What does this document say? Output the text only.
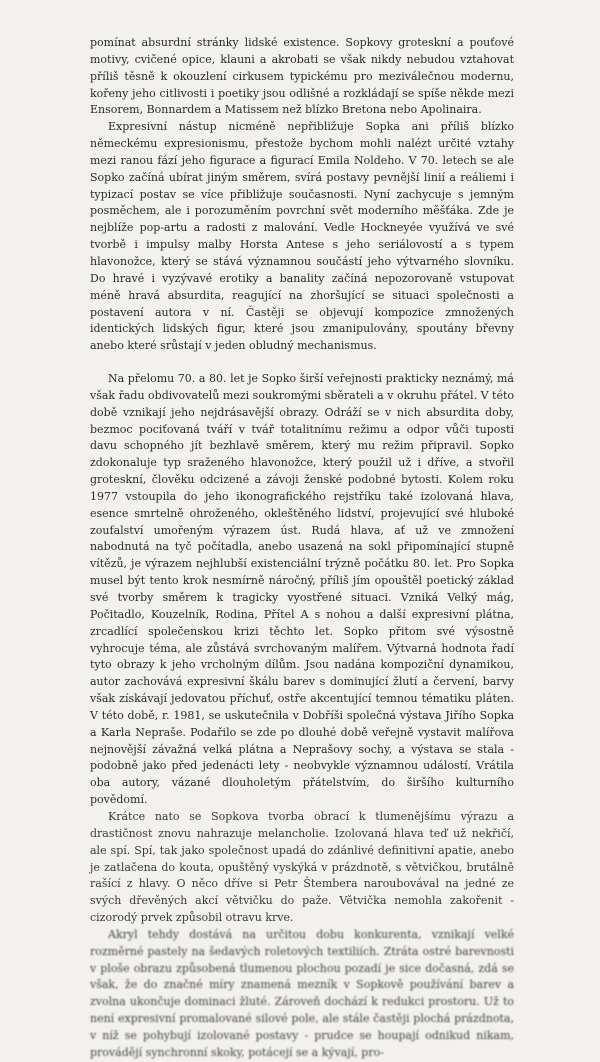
pomínat absurdní stránky lidské existence. Sopkovy groteskní a pouťové motivy, cvičené opice, klauni a akrobati se však nikdy nebudou vztahovat příliš těsně k okouzlení cirkusem typickému pro meziválečnou modernu, kořeny jeho citlivosti i poetiky jsou odlišné a rozkládají se spíše někde mezi Ensorem, Bonnardem a Matissem než blízko Bretona nebo Apolinaira.

Expresivní nástup nicméně nepřibližuje Sopka ani příliš blízko německému expresionismu, přestože bychom mohli nalézt určité vztahy mezi ranou fází jeho figurace a figurací Emila Noldeho. V 70. letech se ale Sopko začíná ubírat jiným směrem, svírá postavy pevnější linií a reáliemi i typizací postav se více přibližuje současnosti. Nyní zachycuje s jemným posměchem, ale i porozuměním povrchní svět moderního měšťáka. Zde je nejblíže pop-artu a radosti z malování. Vedle Hockneyée využívá ve své tvorbě i impulsy malby Horsta Antese s jeho seriálovostí a s typem hlavonožce, který se stává významnou součástí jeho výtvarného slovníku. Do hravé i vyzývavé erotiky a banality začíná nepozorovaně vstupovat méně hravá absurdita, reagující na zhoršující se situaci společnosti a postavení autora v ní. Častěji se objevují kompozice zmnožených identických lidských figur, které jsou zmanipulovány, spoutány břevny anebo které srůstají v jeden obludný mechanismus.

Na přelomu 70. a 80. let je Sopko širší veřejnosti prakticky neznámý, má však řadu obdivovatelů mezi soukromými sběrateli a v okruhu přátel. V této době vznikají jeho nejdrásavější obrazy. Odráží se v nich absurdita doby, bezmoc pociťovaná tváří v tvář totalitnímu režimu a odpor vůči tuposti davu schopného jít bezhlavě směrem, který mu režim připravil. Sopko zdokonaluje typ sraženého hlavonožce, který použil už i dříve, a stvořil groteskní, člověku odcizené a závoji ženské podobné bytosti. Kolem roku 1977 vstoupila do jeho ikonografického rejstříku také izolovaná hlava, esence smrtelně ohroženého, okleštěného lidství, projevující své hluboké zoufalství umořeným výrazem úst. Rudá hlava, ať už ve zmnožení nabodnutá na tyč počítadla, anebo usazená na sokl připomínající stupně vítězů, je výrazem nejhlubší existenciální trýzně počátku 80. let. Pro Sopka musel být tento krok nesmírně náročný, příliš jím opouštěl poetický základ své tvorby směrem k tragicky vyostřené situaci. Vzniká Velký mág, Počitadlo, Kouzelník, Rodina, Přítel A s nohou a další expresivní plátna, zrcadlící společenskou krizi těchto let. Sopko přitom své výsostně vyhrocuje téma, ale zůstává svrchovaným malířem. Výtvarná hodnota řadí tyto obrazy k jeho vrcholným dílům. Jsou nadána kompoziční dynamikou, autor zachovává expresivní škálu barev s dominující žlutí a červení, barvy však získávají jedovatou příchuť, ostře akcentující temnou tématiku pláten. V této době, r. 1981, se uskutečnila v Dobříši společná výstava Jiřího Sopka a Karla Nepraše. Podařilo se zde po dlouhé době veřejně vystavit malířova nejnovější závažná velká plátna a Neprašovy sochy, a výstava se stala - podobně jako před jedenácti lety - neobvykle významnou událostí. Vrátila oba autory, vázané dlouholetým přátelstvím, do širšího kulturního povědomí.

Krátce nato se Sopkova tvorba obrací k tlumenějšímu výrazu a drastičnost znovu nahrazuje melancholie. Izolovaná hlava teď už nekřičí, ale spí. Spí, tak jako společnost upadá do zdánlivé definitivní apatie, anebo je zatlačena do kouta, opuštěný vyskýká v prázdnotě, s větvičkou, brutálně rašící z hlavy. O něco dříve si Petr Štembera naroubovával na jedné ze svých dřevěných akcí větvičku do paže. Větvička nemohla zakořenit - cizorodý prvek způsobil otravu krve.

Akryl tehdy dostává na určitou dobu konkurenta, vznikají velké rozměrné pastely na šedavých roletových textiliích. Ztráta ostré barevnosti v ploše obrazu způsobená tlumenou plochou pozadí je sice dočasná, zdá se však, že do značné míry znamená mezník v Sopkově používání barev a zvolna ukončuje dominaci žluté. Zároveň dochází k redukci prostoru. Už to není expresivní promalované silové pole, ale stále častěji plochá prázdnota, v níž se pohybují izolované postavy - prudce se houpají odnikud nikam, provádějí synchronní skoky, potácejí se a kývají, pro-
